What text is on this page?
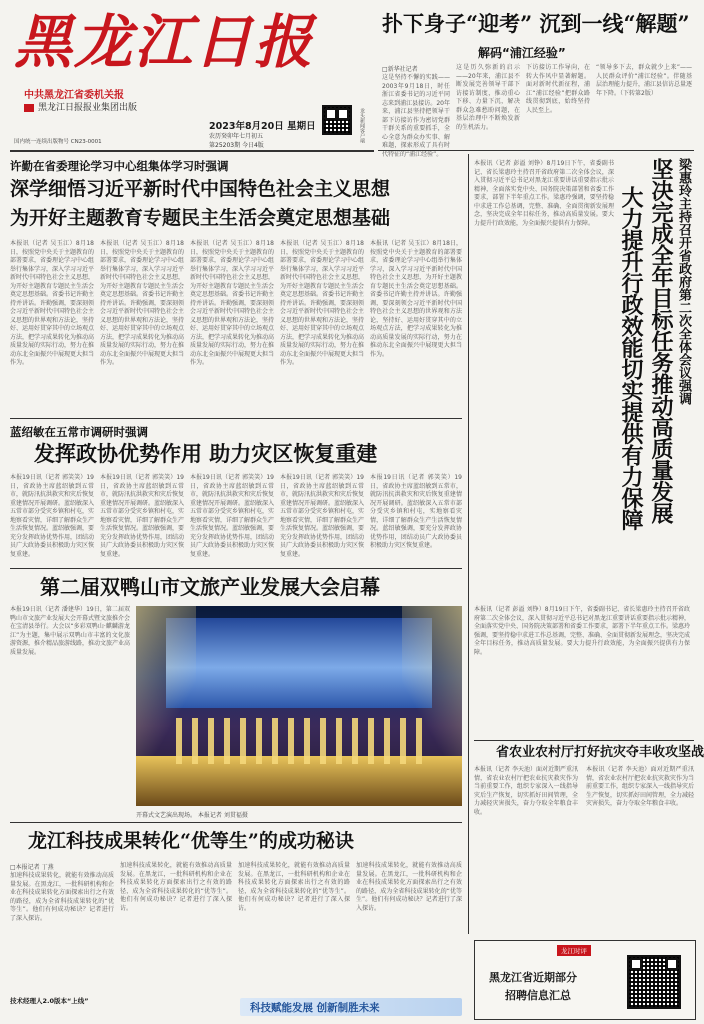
黑龙江日报
中共黑龙江省委机关报
黑龙江日报报业集团出版
国内统一连续出版物号 CN23-0001
2023年8月20日 星期日
农历癸卯年七月初五
第25203期 今日4版
龙头新闻客户端
扑下身子“迎考” 沉到一线“解题”
解码“浦江经验”
□新华社记者
这是坚持不懈的实践——2003年9月18日，时任浙江省委书记的习近平同志来到浦江县接访。20年来，浦江县坚持把领导干部下访接访作为密切党群干群关系的重要抓手，全心全意为群众办实事、解难题，探索形成了具有时代特征的“浦江经验”。
这是历久弥新的启示——20年来，浦江县不断发展完善领导干部下访接访制度，推动重心下移、力量下沉，解决群众急难愁盼问题，在基层治理中不断焕发新的生机活力。
下访接访工作导向，在转大作风中显著解题。面对新时代新征程，浦江“浦江经验”把群众路线贯彻到底，始终坚持人民至上。
“领导多下去，群众就少上来”——人民群众评价“浦江经验”。伴随基层治理能力提升，浦江县信访总量逐年下降。（下转第2版）
许勤在省委理论学习中心组集体学习时强调
深学细悟习近平新时代中国特色社会主义思想
为开好主题教育专题民主生活会奠定思想基础
本报讯（记者 吴玉江）8月18日，按照党中央关于主题教育的部署要求，省委理论学习中心组举行集体学习，深入学习习近平新时代中国特色社会主义思想，为开好主题教育专题民主生活会奠定思想基础。省委书记许勤主持并讲话。许勤强调，要深刻领会习近平新时代中国特色社会主义思想的世界观和方法论，坚持好、运用好贯穿其中的立场观点方法，把学习成果转化为推动高质量发展的实际行动，努力在推动东北全面振兴中展现更大担当作为。
本报讯（记者 吴玉江）8月18日，按照党中央关于主题教育的部署要求，省委理论学习中心组举行集体学习，深入学习习近平新时代中国特色社会主义思想，为开好主题教育专题民主生活会奠定思想基础。省委书记许勤主持并讲话。许勤强调，要深刻领会习近平新时代中国特色社会主义思想的世界观和方法论，坚持好、运用好贯穿其中的立场观点方法，把学习成果转化为推动高质量发展的实际行动，努力在推动东北全面振兴中展现更大担当作为。
本报讯（记者 吴玉江）8月18日，按照党中央关于主题教育的部署要求，省委理论学习中心组举行集体学习，深入学习习近平新时代中国特色社会主义思想，为开好主题教育专题民主生活会奠定思想基础。省委书记许勤主持并讲话。许勤强调，要深刻领会习近平新时代中国特色社会主义思想的世界观和方法论，坚持好、运用好贯穿其中的立场观点方法，把学习成果转化为推动高质量发展的实际行动，努力在推动东北全面振兴中展现更大担当作为。
本报讯（记者 吴玉江）8月18日，按照党中央关于主题教育的部署要求，省委理论学习中心组举行集体学习，深入学习习近平新时代中国特色社会主义思想，为开好主题教育专题民主生活会奠定思想基础。省委书记许勤主持并讲话。许勤强调，要深刻领会习近平新时代中国特色社会主义思想的世界观和方法论，坚持好、运用好贯穿其中的立场观点方法，把学习成果转化为推动高质量发展的实际行动，努力在推动东北全面振兴中展现更大担当作为。
本报讯（记者 吴玉江）8月18日，按照党中央关于主题教育的部署要求，省委理论学习中心组举行集体学习，深入学习习近平新时代中国特色社会主义思想，为开好主题教育专题民主生活会奠定思想基础。省委书记许勤主持并讲话。许勤强调，要深刻领会习近平新时代中国特色社会主义思想的世界观和方法论，坚持好、运用好贯穿其中的立场观点方法，把学习成果转化为推动高质量发展的实际行动，努力在推动东北全面振兴中展现更大担当作为。
本报讯（记者 彭溢 刘铮）8月19日下午，省委副书记、省长梁惠玲主持召开省政府第二次全体会议，深入贯彻习近平总书记对黑龙江重要讲话重要指示批示精神，全面落实党中央、国务院决策部署和省委工作要求，部署下半年重点工作。梁惠玲强调，要坚持稳中求进工作总基调，完整、准确、全面贯彻新发展理念，坚决完成全年目标任务，推动高质量发展。要大力提升行政效能，为全面振兴提供有力保障。	梁惠玲主持召开省政府第二次全体会议强调
坚决完成全年目标任务推动高质量发展
大力提升行政效能切实提供有力保障
本报讯（记者 彭溢 刘铮）8月19日下午，省委副书记、省长梁惠玲主持召开省政府第二次全体会议，深入贯彻习近平总书记对黑龙江重要讲话重要指示批示精神，全面落实党中央、国务院决策部署和省委工作要求，部署下半年重点工作。梁惠玲强调，要坚持稳中求进工作总基调，完整、准确、全面贯彻新发展理念，坚决完成全年目标任务，推动高质量发展。要大力提升行政效能，为全面振兴提供有力保障。
蓝绍敏在五常市调研时强调
发挥政协优势作用 助力灾区恢复重建
本报19日讯（记者 郭笑笑）19日，省政协主席蓝绍敏到五常市，就防汛抗洪救灾和灾后恢复重建情况开展调研。蓝绍敏深入五常市部分受灾乡镇和村屯，实地察看灾情，详细了解群众生产生活恢复情况。蓝绍敏强调，要充分发挥政协优势作用，团结动员广大政协委员积极助力灾区恢复重建。
本报19日讯（记者 郭笑笑）19日，省政协主席蓝绍敏到五常市，就防汛抗洪救灾和灾后恢复重建情况开展调研。蓝绍敏深入五常市部分受灾乡镇和村屯，实地察看灾情，详细了解群众生产生活恢复情况。蓝绍敏强调，要充分发挥政协优势作用，团结动员广大政协委员积极助力灾区恢复重建。
本报19日讯（记者 郭笑笑）19日，省政协主席蓝绍敏到五常市，就防汛抗洪救灾和灾后恢复重建情况开展调研。蓝绍敏深入五常市部分受灾乡镇和村屯，实地察看灾情，详细了解群众生产生活恢复情况。蓝绍敏强调，要充分发挥政协优势作用，团结动员广大政协委员积极助力灾区恢复重建。
本报19日讯（记者 郭笑笑）19日，省政协主席蓝绍敏到五常市，就防汛抗洪救灾和灾后恢复重建情况开展调研。蓝绍敏深入五常市部分受灾乡镇和村屯，实地察看灾情，详细了解群众生产生活恢复情况。蓝绍敏强调，要充分发挥政协优势作用，团结动员广大政协委员积极助力灾区恢复重建。
本报19日讯（记者 郭笑笑）19日，省政协主席蓝绍敏到五常市，就防汛抗洪救灾和灾后恢复重建情况开展调研。蓝绍敏深入五常市部分受灾乡镇和村屯，实地察看灾情，详细了解群众生产生活恢复情况。蓝绍敏强调，要充分发挥政协优势作用，团结动员广大政协委员积极助力灾区恢复重建。
第二届双鸭山市文旅产业发展大会启幕
本报19日讯（记者 潘建华）19日，第二届双鸭山市文旅产业发展大会开幕式暨文旅推介会在宝清县举行。大会以“多彩双鸭山·麒麟游龙江”为主题，集中展示双鸭山市丰富的文化旅游资源，推介精品旅游线路，推动文旅产业高质量发展。
开幕式文艺演出现场。 本报记者 刘贯福摄
省农业农村厅打好抗灾夺丰收攻坚战
本报讯（记者 李天池）面对近期严重汛情，省农业农村厅把农业抗灾救灾作为当前重要工作，组织专家深入一线指导灾后生产恢复，切实抓好田间管理，全力减轻灾害损失，奋力夺取全年粮食丰收。
本报讯（记者 李天池）面对近期严重汛情，省农业农村厅把农业抗灾救灾作为当前重要工作，组织专家深入一线指导灾后生产恢复，切实抓好田间管理，全力减轻灾害损失，奋力夺取全年粮食丰收。
龙江科技成果转化“优等生”的成功秘诀
□本报记者 丁燕
加速科技成果转化，就能有效推动高质量发展。在黑龙江，一批科研机构和企业在科技成果转化方面探索出行之有效的路径，成为全省科技成果转化的“优等生”。他们有何成功秘诀？记者进行了深入探访。
技术经理人2.0版本“上线”
加速科技成果转化，就能有效推动高质量发展。在黑龙江，一批科研机构和企业在科技成果转化方面探索出行之有效的路径，成为全省科技成果转化的“优等生”。他们有何成功秘诀？记者进行了深入探访。
加速科技成果转化，就能有效推动高质量发展。在黑龙江，一批科研机构和企业在科技成果转化方面探索出行之有效的路径，成为全省科技成果转化的“优等生”。他们有何成功秘诀？记者进行了深入探访。
加速科技成果转化，就能有效推动高质量发展。在黑龙江，一批科研机构和企业在科技成果转化方面探索出行之有效的路径，成为全省科技成果转化的“优等生”。他们有何成功秘诀？记者进行了深入探访。
科技赋能发展 创新制胜未来
龙江时评
黑龙江省近期部分
招聘信息汇总
